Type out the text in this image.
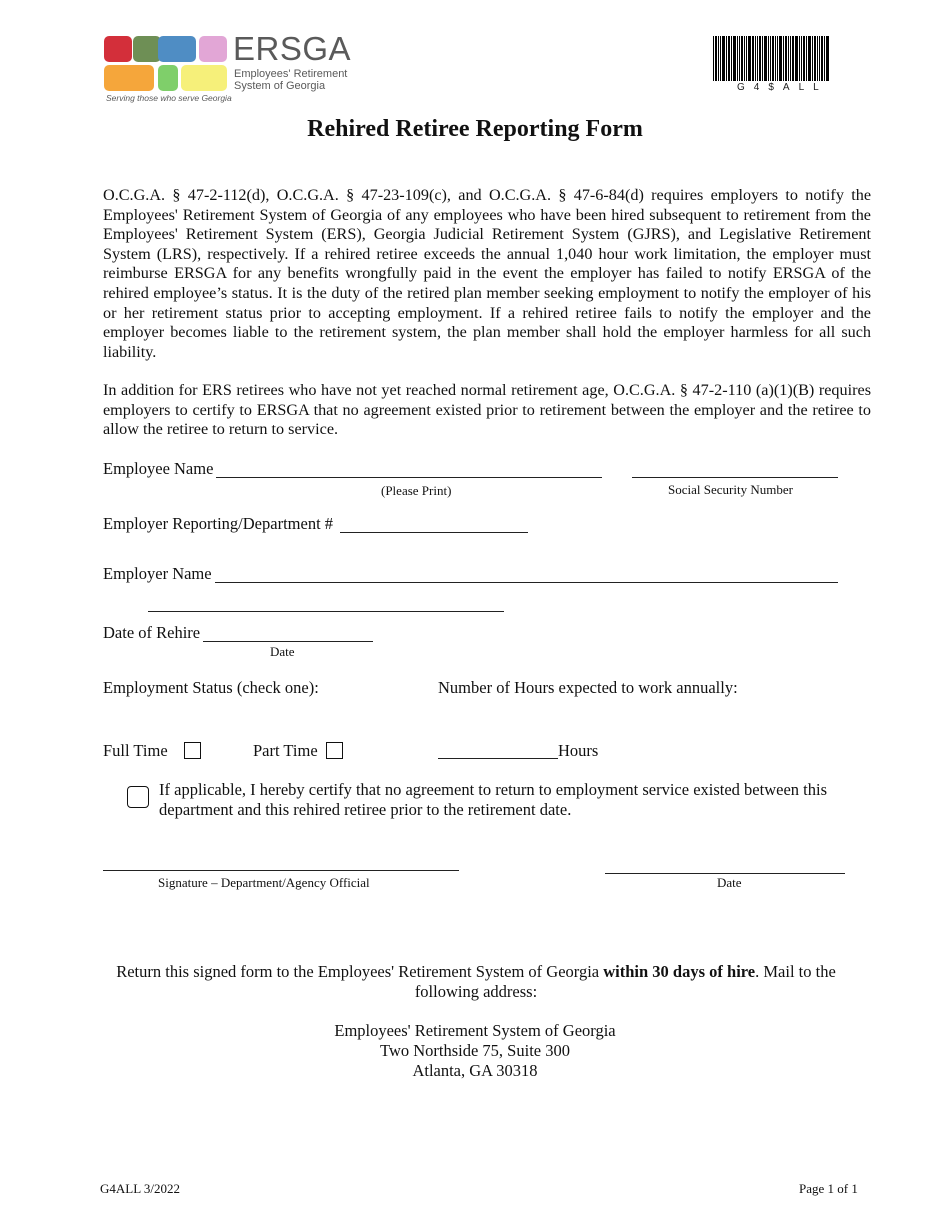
ERSGA
Employees' Retirement
System of Georgia
Serving those who serve Georgia
G4$ALL
Rehired Retiree Reporting Form
O.C.G.A. § 47-2-112(d), O.C.G.A. § 47-23-109(c), and O.C.G.A. § 47-6-84(d) requires employers to notify the Employees' Retirement System of Georgia of any employees who have been hired subsequent to retirement from the Employees' Retirement System (ERS), Georgia Judicial Retirement System (GJRS), and Legislative Retirement System (LRS), respectively. If a rehired retiree exceeds the annual 1,040 hour work limitation, the employer must reimburse ERSGA for any benefits wrongfully paid in the event the employer has failed to notify ERSGA of the rehired employee’s status. It is the duty of the retired plan member seeking employment to notify the employer of his or her retirement status prior to accepting employment. If a rehired retiree fails to notify the employer and the employer becomes liable to the retirement system, the plan member shall hold the employer harmless for all such liability.
In addition for ERS retirees who have not yet reached normal retirement age, O.C.G.A. § 47-2-110 (a)(1)(B) requires employers to certify to ERSGA that no agreement existed prior to retirement between the employer and the retiree to allow the retiree to return to service.
Employee Name
(Please Print)	Social Security Number
Employer Reporting/Department #
Employer Name
Date of Rehire
Date
Employment Status (check one):	Number of Hours expected to work annually:
Full Time	Part Time	Hours
If applicable, I hereby certify that no agreement to return to employment service existed between this department and this rehired retiree prior to the retirement date.
Signature – Department/Agency Official	Date
Return this signed form to the Employees' Retirement System of Georgia within 30 days of hire. Mail to the following address:
Employees' Retirement System of Georgia
Two Northside 75, Suite 300
Atlanta, GA 30318
G4ALL 3/2022	Page 1 of 1
